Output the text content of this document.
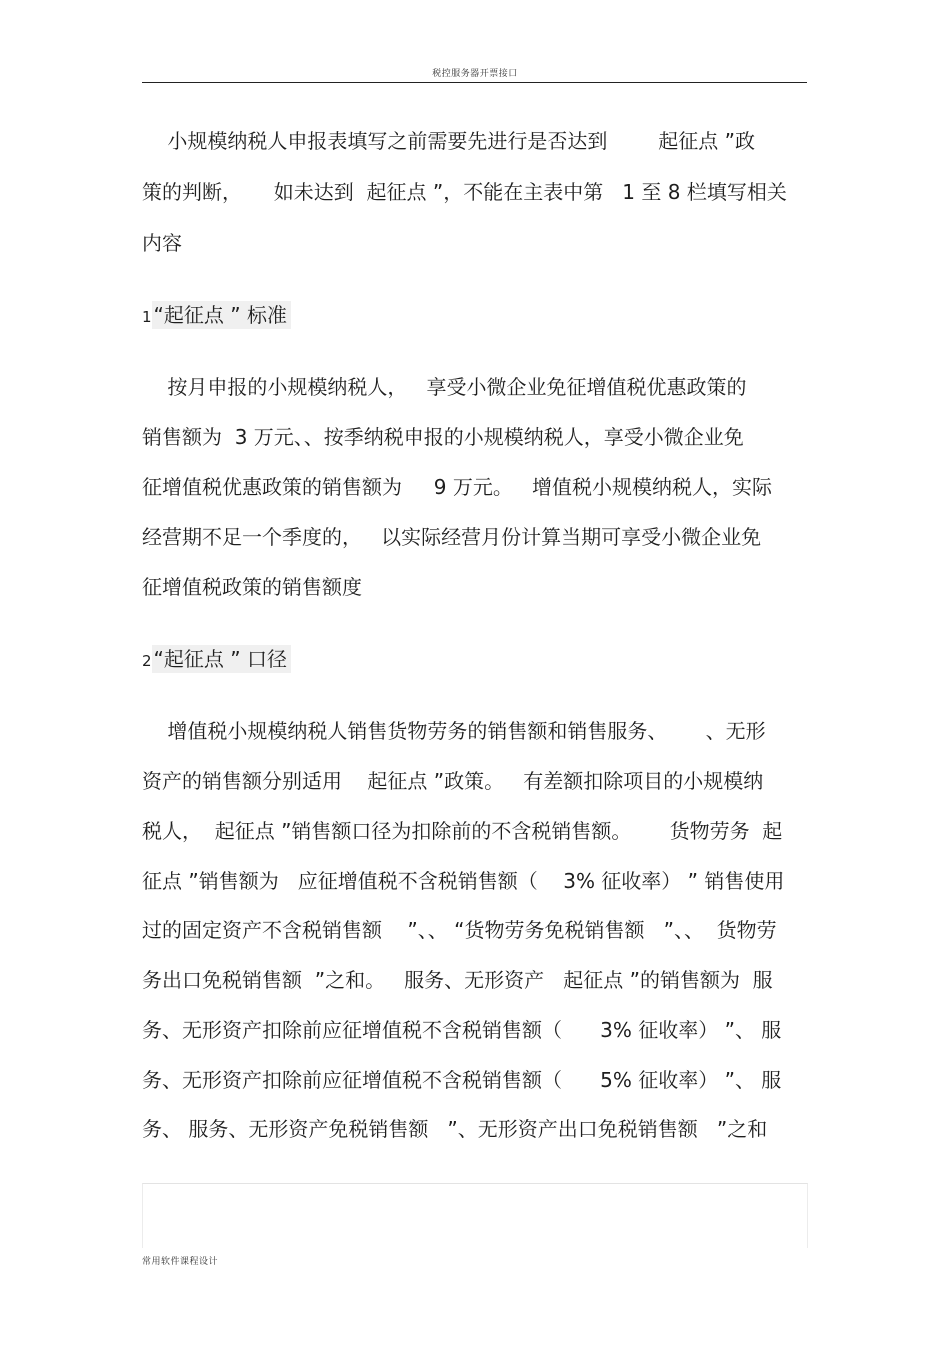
税控服务器开票接口
小规模纳税人申报表填写之前需要先进行是否达到        起征点 ”政
策的判断，     如未达到  起征点 ”，不能在主表中第   1 至 8 栏填写相关
内容
1 “起征点 ” 标准
按月申报的小规模纳税人，   享受小微企业免征增值税优惠政策的
销售额为  3 万元、、按季纳税申报的小规模纳税人，享受小微企业免
征增值税优惠政策的销售额为     9 万元。   增值税小规模纳税人，实际
经营期不足一个季度的，   以实际经营月份计算当期可享受小微企业免
征增值税政策的销售额度
2 “起征点 ” 口径
增值税小规模纳税人销售货物劳务的销售额和销售服务、      、无形
资产的销售额分别适用    起征点 ”政策。   有差额扣除项目的小规模纳
税人，  起征点 ”销售额口径为扣除前的不含税销售额。      货物劳务  起
征点 ”销售额为   应征增值税不含税销售额（    3% 征收率） ” 销售使用
过的固定资产不含税销售额    ”、、 “货物劳务免税销售额   ”、、  货物劳
务出口免税销售额  ”之和。   服务、无形资产   起征点 ”的销售额为  服
务、无形资产扣除前应征增值税不含税销售额（      3% 征收率） ”、 服
务、无形资产扣除前应征增值税不含税销售额（      5% 征收率） ”、 服
务、 服务、无形资产免税销售额   ”、无形资产出口免税销售额   ”之和
常用软件课程设计
